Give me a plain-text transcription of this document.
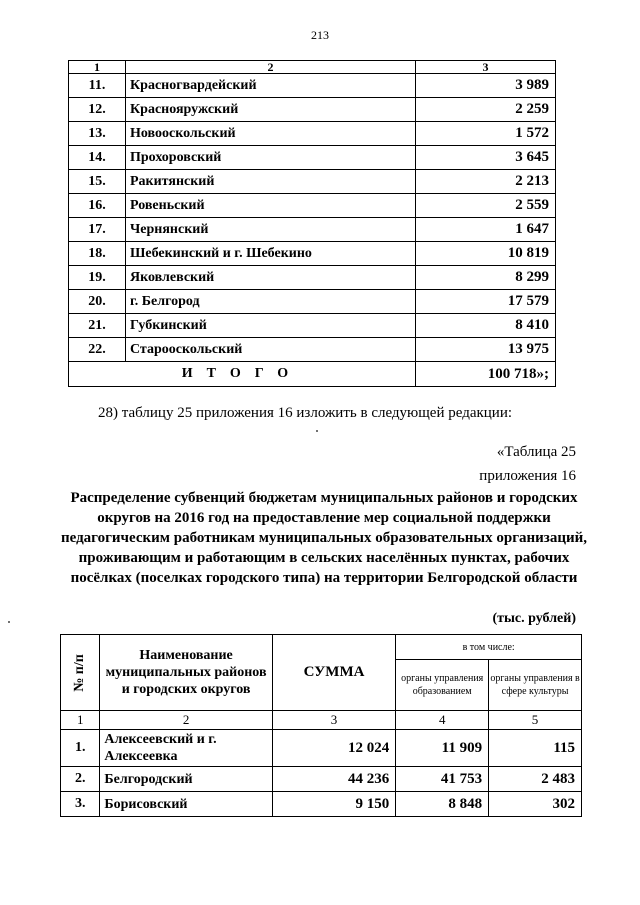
213
1	2	3
11.	Красногвардейский	3 989
12.	Краснояружский	2 259
13.	Новооскольский	1 572
14.	Прохоровский	3 645
15.	Ракитянский	2 213
16.	Ровеньский	2 559
17.	Чернянский	1 647
18.	Шебекинский и г. Шебекино	10 819
19.	Яковлевский	8 299
20.	г. Белгород	17 579
21.	Губкинский	8 410
22.	Старооскольский	13 975
ИТОГО		100 718»;
28) таблицу 25 приложения 16 изложить в следующей редакции:
«Таблица 25
приложения 16
Распределение субвенций бюджетам муниципальных районов и городских округов на 2016 год на предоставление мер социальной поддержки педагогическим работникам муниципальных образовательных организаций, проживающим и работающим в сельских населённых пунктах, рабочих посёлках (поселках городского типа) на территории Белгородской области
(тыс. рублей)
№ п/п	Наименование муниципальных районов и городских округов	СУММА	в том числе:	
			органы управления образованием	органы управления в сфере культуры
1	2	3	4	5
1.	Алексеевский и г. Алексеевка	12 024	11 909	115
2.	Белгородский	44 236	41 753	2 483
3.	Борисовский	9 150	8 848	302
